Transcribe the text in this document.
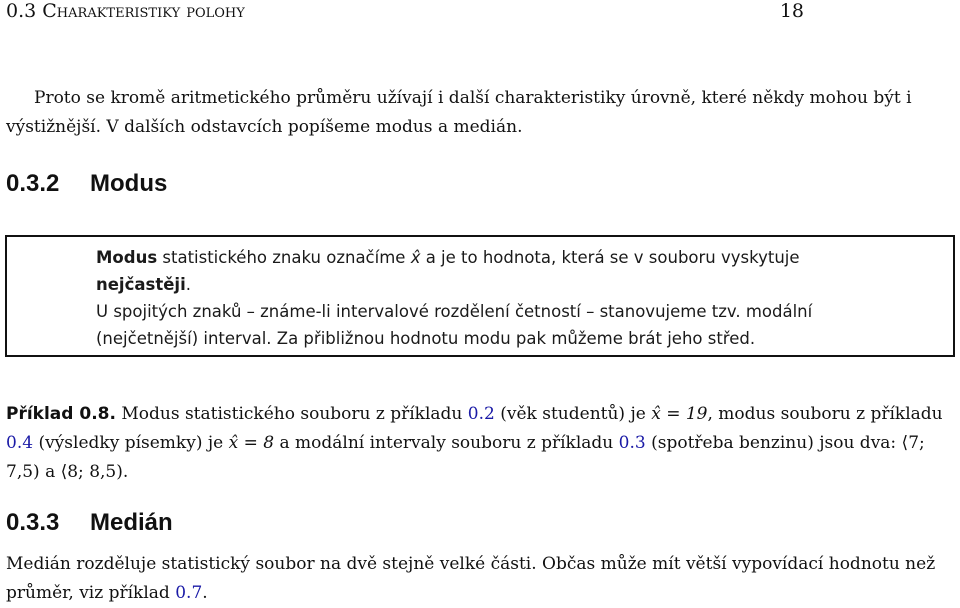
0.3 Charakteristiky polohy	18

Proto se kromě aritmetického průměru užívají i další charakteristiky úrovně, které někdy mohou být i výstižnější. V dalších odstavcích popíšeme modus a medián.

0.3.2 Modus
Modus statistického znaku označíme x̂ a je to hodnota, která se v souboru vyskytuje nejčastěji.
U spojitých znaků – známe-li intervalové rozdělení četností – stanovujeme tzv. modální (nejčetnější) interval. Za přibližnou hodnotu modu pak můžeme brát jeho střed.

Příklad 0.8. Modus statistického souboru z příkladu 0.2 (věk studentů) je x̂ = 19, modus souboru z příkladu 0.4 (výsledky písemky) je x̂ = 8 a modální intervaly souboru z příkladu 0.3 (spotřeba benzinu) jsou dva: ⟨7; 7,5) a ⟨8; 8,5).

0.3.3 Medián

Medián rozděluje statistický soubor na dvě stejně velké části. Občas může mít větší vypovídací hodnotu než průměr, viz příklad 0.7.
